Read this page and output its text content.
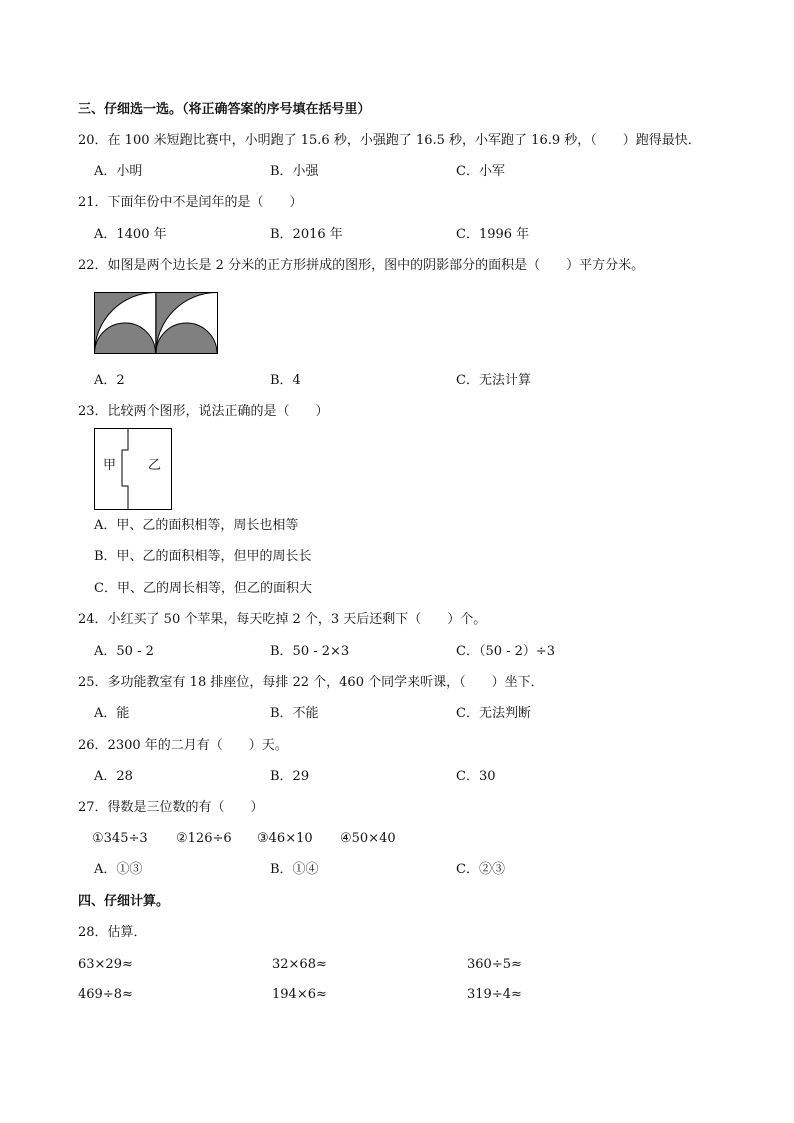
三、仔细选一选。（将正确答案的序号填在括号里）
20．在 100 米短跑比赛中，小明跑了 15.6 秒，小强跑了 16.5 秒，小军跑了 16.9 秒，（　　）跑得最快．
A．小明	B．小强	C．小军
21．下面年份中不是闰年的是（　　）
A．1400 年	B．2016 年	C．1996 年
22．如图是两个边长是 2 分米的正方形拼成的图形，图中的阴影部分的面积是（　　）平方分米。
A．2	B．4	C．无法计算
23．比较两个图形，说法正确的是（　　）
甲 乙
A．甲、乙的面积相等，周长也相等
B．甲、乙的面积相等，但甲的周长长
C．甲、乙的周长相等，但乙的面积大
24．小红买了 50 个苹果，每天吃掉 2 个，3 天后还剩下（　　）个。
A．50 - 2	B．50 - 2×3	C．（50 - 2）÷3
25．多功能教室有 18 排座位，每排 22 个，460 个同学来听课，（　　）坐下．
A．能	B．不能	C．无法判断
26．2300 年的二月有（　　）天。
A．28	B．29	C．30
27．得数是三位数的有（　　）
①345÷3 ②126÷6 ③46×10 ④50×40
A．①③	B．①④	C．②③
四、仔细计算。
28．估算．
63×29≈	32×68≈	360÷5≈
469÷8≈	194×6≈	319÷4≈
